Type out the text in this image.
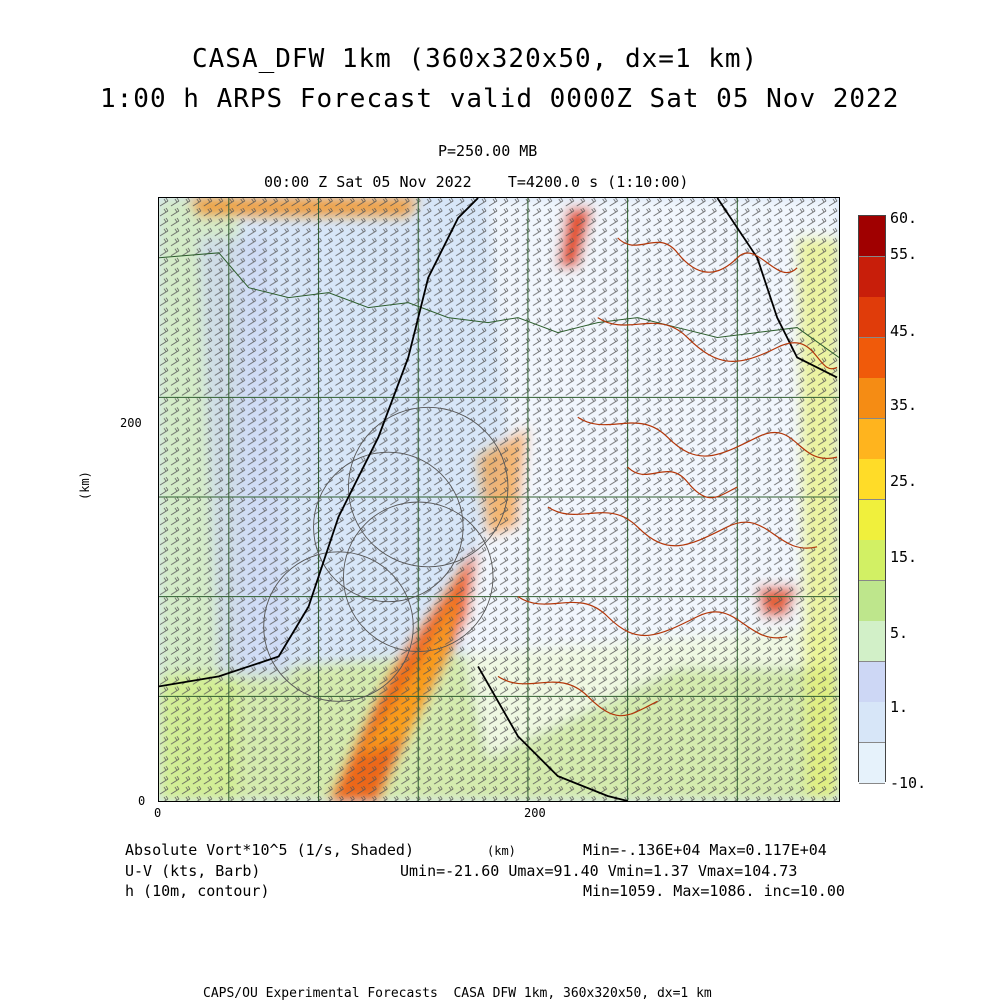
CASA_DFW 1km (360x320x50, dx=1 km)
1:00 h ARPS Forecast valid 0000Z Sat 05 Nov 2022
P=250.00 MB
00:00 Z Sat 05 Nov 2022    T=4200.0 s (1:10:00)
(km)
200
0
0	200
60.
55.
45.
35.
25.
15.
5.
1.
-10.
Absolute Vort*10^5 (1/s, Shaded)	(km)	Min=-.136E+04 Max=0.117E+04
U-V (kts, Barb)	Umin=-21.60 Umax=91.40 Vmin=1.37 Vmax=104.73
h (10m, contour)	Min=1059. Max=1086. inc=10.00
CAPS/OU Experimental Forecasts  CASA DFW 1km, 360x320x50, dx=1 km
